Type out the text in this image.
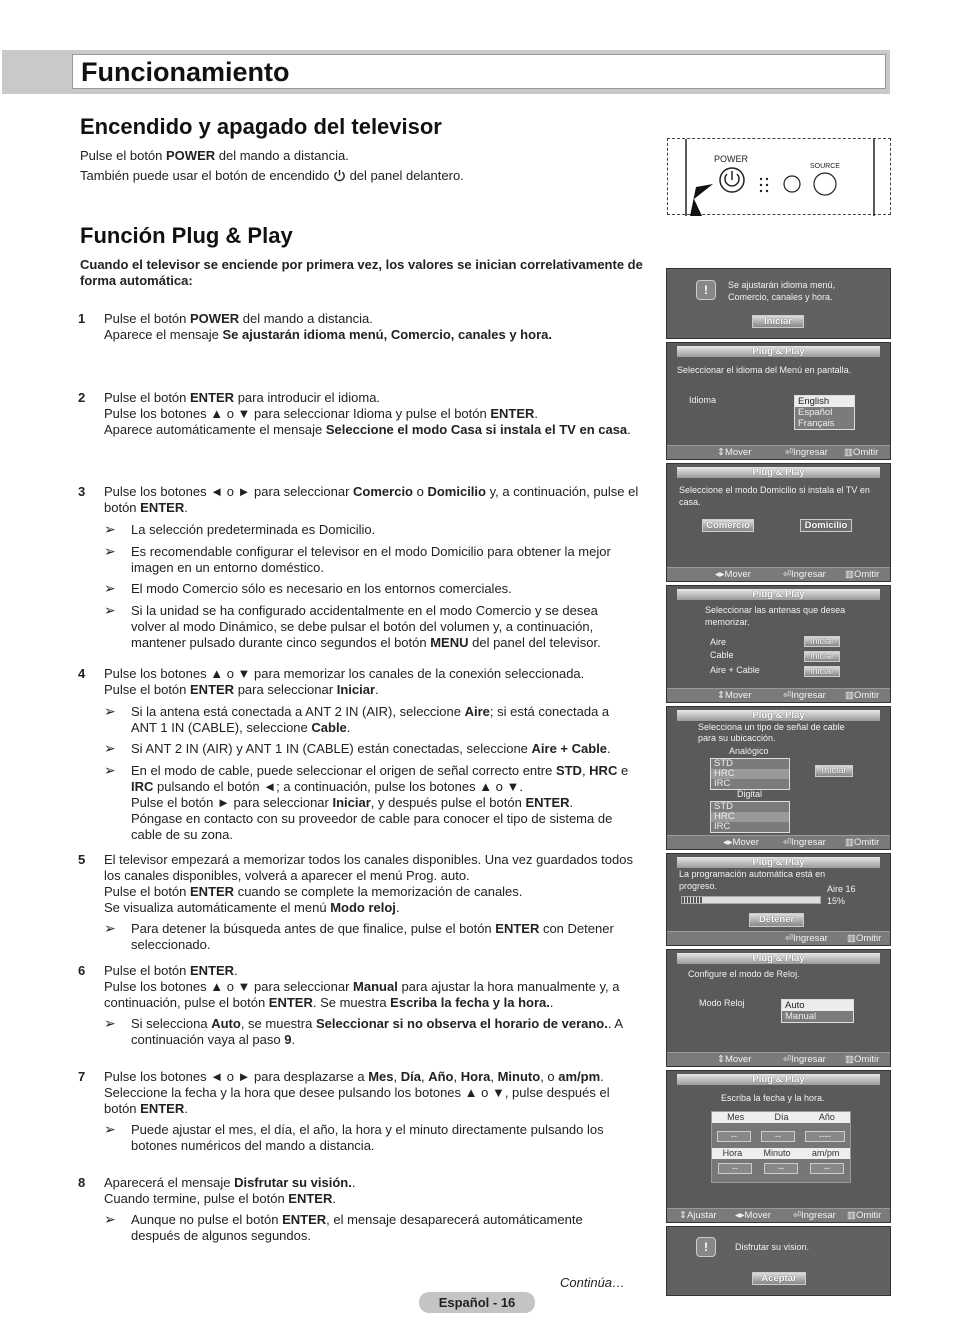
Funcionamiento
Encendido y apagado del televisor
Pulse el botón POWER del mando a distancia.
También puede usar el botón de encendido  del panel delantero.
POWER
SOURCE
Función Plug & Play
Cuando el televisor se enciende por primera vez, los valores se inician correlativamente de forma automática:
1 Pulse el botón POWER del mando a distancia.
Aparece el mensaje Se ajustarán idioma menú, Comercio, canales y hora.
2 Pulse el botón ENTER para introducir el idioma.
Pulse los botones ▲ o ▼ para seleccionar Idioma y pulse el botón ENTER.
Aparece automáticamente el mensaje Seleccione el modo Casa si instala el TV en casa.
3 Pulse los botones ◄ o ► para seleccionar Comercio o Domicilio y, a continuación, pulse el botón ENTER.
➢ La selección predeterminada es Domicilio.
➢ Es recomendable configurar el televisor en el modo Domicilio para obtener la mejor imagen en un entorno doméstico.
➢ El modo Comercio sólo es necesario en los entornos comerciales.
➢ Si la unidad se ha configurado accidentalmente en el modo Comercio y se desea volver al modo Dinámico, se debe pulsar el botón del volumen y, a continuación, mantener pulsado durante cinco segundos el botón MENU del panel del televisor.
4 Pulse los botones ▲ o ▼ para memorizar los canales de la conexión seleccionada.
Pulse el botón ENTER para seleccionar Iniciar.
➢ Si la antena está conectada a ANT 2 IN (AIR), seleccione Aire; si está conectada a ANT 1 IN (CABLE), seleccione Cable.
➢ Si ANT 2 IN (AIR) y ANT 1 IN (CABLE) están conectadas, seleccione Aire + Cable.
➢ En el modo de cable, puede seleccionar el origen de señal correcto entre STD, HRC e IRC pulsando el botón ◄; a continuación, pulse los botones ▲ o ▼.
Pulse el botón ► para seleccionar Iniciar, y después pulse el botón ENTER.
Póngase en contacto con su proveedor de cable para conocer el tipo de sistema de cable de su zona.
5 El televisor empezará a memorizar todos los canales disponibles. Una vez guardados todos los canales disponibles, volverá a aparecer el menú Prog. auto.
Pulse el botón ENTER cuando se complete la memorización de canales.
Se visualiza automáticamente el menú Modo reloj.
➢ Para detener la búsqueda antes de que finalice, pulse el botón ENTER con Detener seleccionado.
6 Pulse el botón ENTER.
Pulse los botones ▲ o ▼ para seleccionar Manual para ajustar la hora manualmente y, a continuación, pulse el botón ENTER. Se muestra Escriba la fecha y la hora..
➢ Si selecciona Auto, se muestra Seleccionar si no observa el horario de verano.. A continuación vaya al paso 9.
7 Pulse los botones ◄ o ► para desplazarse a Mes, Día, Año, Hora, Minuto, o am/pm.
Seleccione la fecha y la hora que desee pulsando los botones ▲ o ▼, pulse después el botón ENTER.
➢ Puede ajustar el mes, el día, el año, la hora y el minuto directamente pulsando los botones numéricos del mando a distancia.
8 Aparecerá el mensaje Disfrutar su visión..
Cuando termine, pulse el botón ENTER.
➢ Aunque no pulse el botón ENTER, el mensaje desaparecerá automáticamente después de algunos segundos.
Continúa…
Español - 16
!	Se ajustarán idioma menú,
Comercio, canales y hora.
Iniciar
Plug & Play
Seleccionar el idioma del Menú en pantalla.
Idioma	English
Español
Français
⇕ Mover	⏎ Ingresar ▥ Omitir
Plug & Play
Seleccione el modo Domicilio si instala el TV en
casa.
Comercio	Domicilio
◂▸ Mover	⏎ Ingresar ▥ Omitir
Plug & Play
Seleccionar las antenas que desea
memorizar.
Aire
Cable
Aire + Cable
Iniciar
Iniciar
Iniciar
⇕ Mover	⏎ Ingresar ▥ Omitir
Plug & Play
Selecciona un tipo de señal de cable
para su ubicacción.
Analógico
STD
HRC
IRC
Digital
STD
HRC
IRC
Iniciar
◂▸ Mover	⏎ Ingresar ▥ Omitir
Plug & Play
La programación automática está en
progreso.	Aire 16
15%
Detener
⏎ Ingresar ▥ Omitir
Plug & Play
Configure el modo de Reloj.
Modo Reloj	Auto
Manual
⇕ Mover	⏎ Ingresar ▥ Omitir
Plug & Play
Escriba la fecha y la hora.
Mes	Día	Año
--	--	----
Hora Minuto am/pm
--	--	--
⇕ Ajustar ◂▸ Mover ⏎ Ingresar ▥ Omitir
!	Disfrutar su vision.
Aceptar
